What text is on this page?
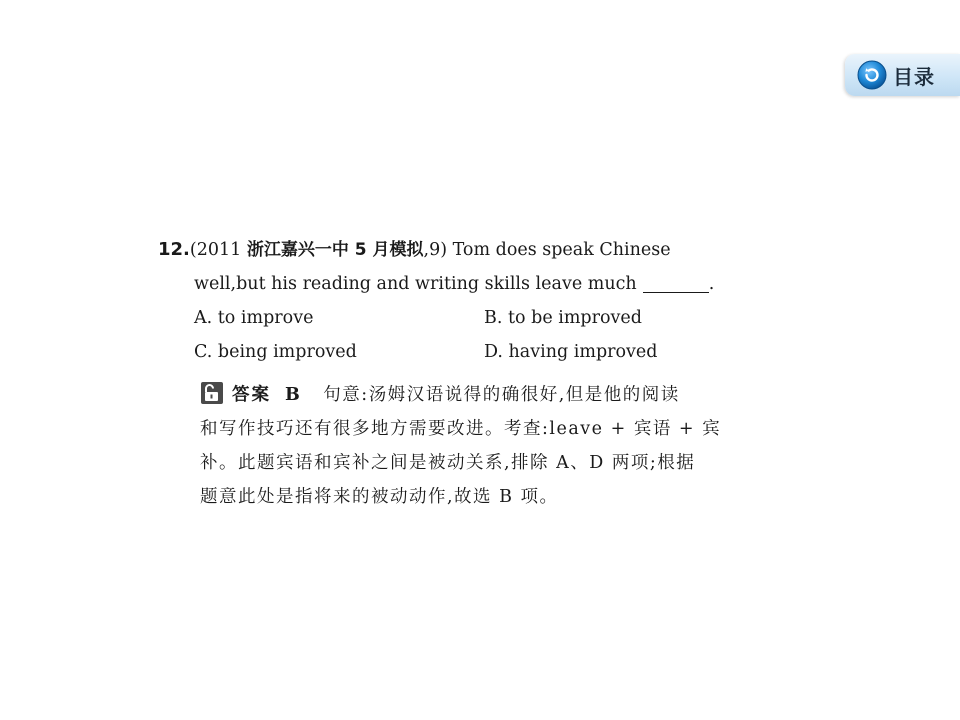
目录
12.(2011 浙江嘉兴一中 5 月模拟,9) Tom does speak Chinese
well,but his reading and writing skills leave much	.
A. to improve	B. to be improved
C. being improved	D. having improved
答案 B 句意:汤姆汉语说得的确很好,但是他的阅读
和写作技巧还有很多地方需要改进。考查:leave + 宾语 + 宾
补。此题宾语和宾补之间是被动关系,排除 A、D 两项;根据
题意此处是指将来的被动动作,故选 B 项。
